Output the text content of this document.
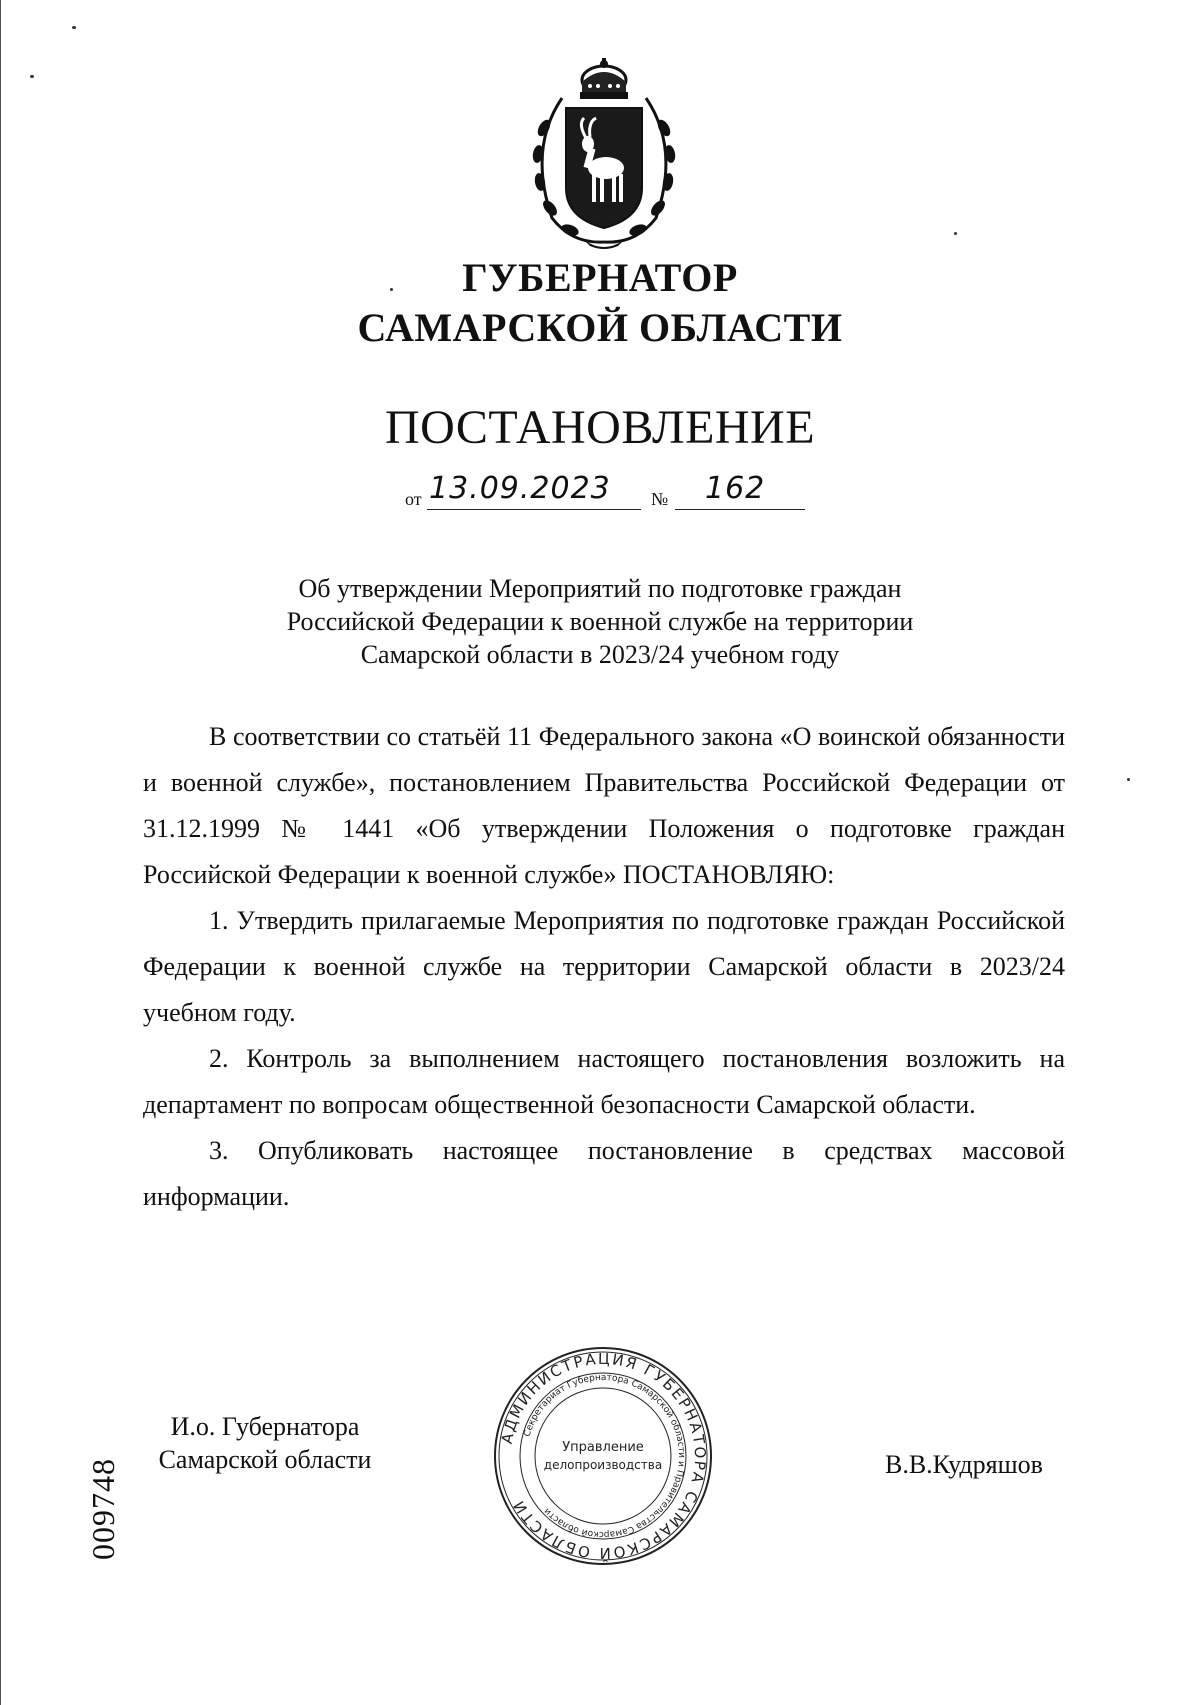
ГУБЕРНАТОР
САМАРСКОЙ ОБЛАСТИ
ПОСТАНОВЛЕНИЕ
от 13.09.2023 № 162
Об утверждении Мероприятий по подготовке граждан
Российской Федерации к военной службе на территории
Самарской области в 2023/24 учебном году

В соответствии со статьёй 11 Федерального закона «О воинской обязанности и военной службе», постановлением Правительства Российской Федерации от 31.12.1999 № 1441 «Об утверждении Положения о подготовке граждан Российской Федерации к военной службе» ПОСТАНОВЛЯЮ:

1. Утвердить прилагаемые Мероприятия по подготовке граждан Российской Федерации к военной службе на территории Самарской области в 2023/24 учебном году.

2. Контроль за выполнением настоящего постановления возложить на департамент по вопросам общественной безопасности Самарской области.

3. Опубликовать настоящее постановление в средствах массовой информации.

И.о. Губернатора
Самарской области
АДМИНИСТРАЦИЯ ГУБЕРНАТОРА САМАРСКОЙ ОБЛАСТИ
Секретариат Губернатора Самарской области и Правительства Самарской области
Управление
делопроизводства	В.В.Кудряшов
009748
